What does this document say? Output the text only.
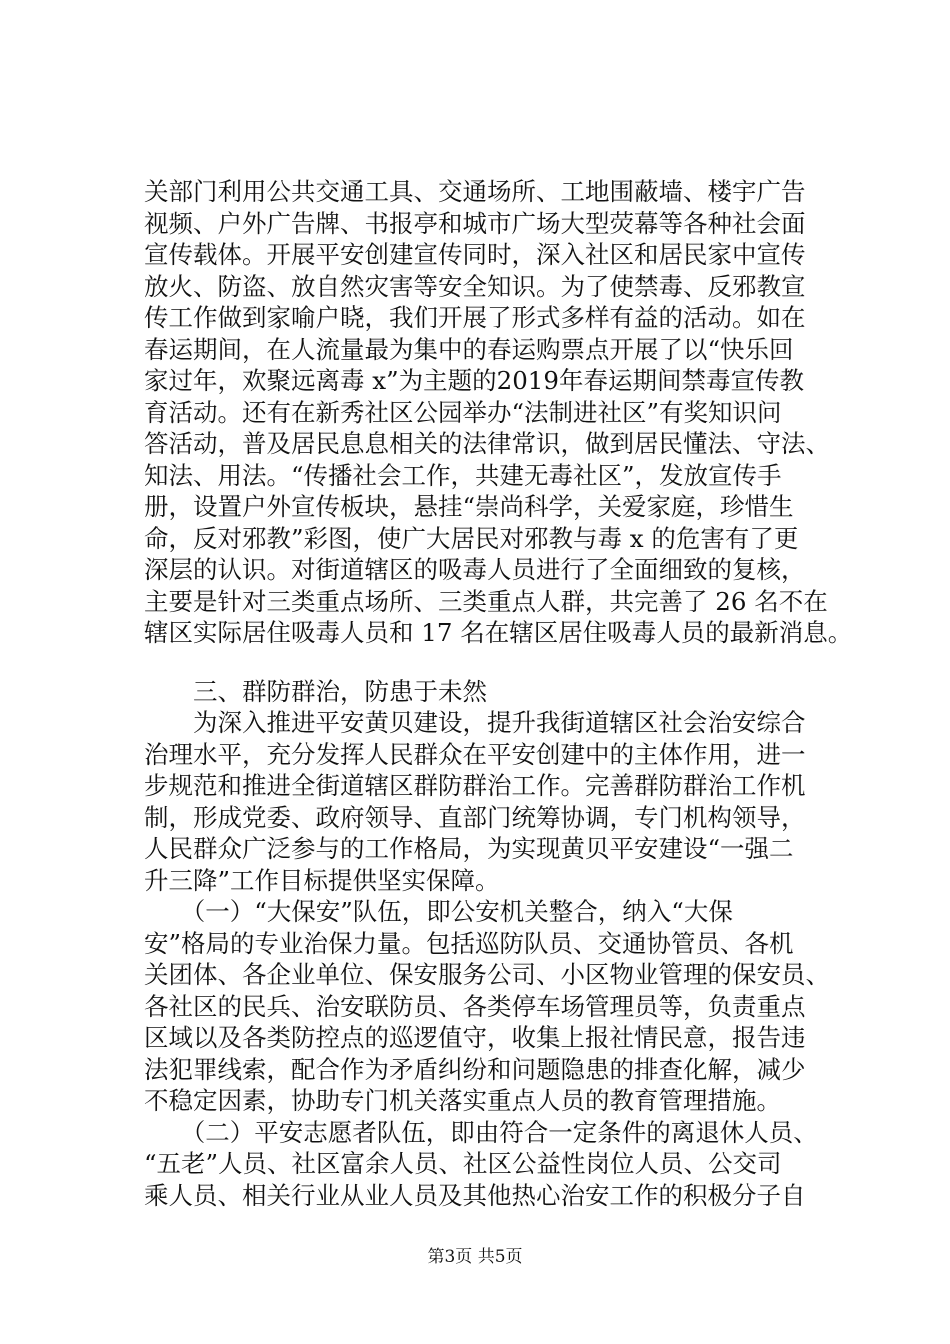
关部门利用公共交通工具、交通场所、工地围蔽墙、楼宇广告
视频、户外广告牌、书报亭和城市广场大型荧幕等各种社会面
宣传载体。开展平安创建宣传同时，深入社区和居民家中宣传
放火、防盗、放自然灾害等安全知识。为了使禁毒、反邪教宣
传工作做到家喻户晓，我们开展了形式多样有益的活动。如在
春运期间，在人流量最为集中的春运购票点开展了以“快乐回
家过年，欢聚远离毒 x”为主题的2019年春运期间禁毒宣传教
育活动。还有在新秀社区公园举办“法制进社区”有奖知识问
答活动，普及居民息息相关的法律常识，做到居民懂法、守法、
知法、用法。“传播社会工作，共建无毒社区”，发放宣传手
册，设置户外宣传板块，悬挂“崇尚科学，关爱家庭，珍惜生
命，反对邪教”彩图，使广大居民对邪教与毒 x 的危害有了更
深层的认识。对街道辖区的吸毒人员进行了全面细致的复核，
主要是针对三类重点场所、三类重点人群，共完善了 26 名不在
辖区实际居住吸毒人员和 17 名在辖区居住吸毒人员的最新消息。
　　三、群防群治，防患于未然
　　为深入推进平安黄贝建设，提升我街道辖区社会治安综合
治理水平，充分发挥人民群众在平安创建中的主体作用，进一
步规范和推进全街道辖区群防群治工作。完善群防群治工作机
制，形成党委、政府领导、直部门统筹协调，专门机构领导，
人民群众广泛参与的工作格局，为实现黄贝平安建设“一强二
升三降”工作目标提供坚实保障。
　　（一）“大保安”队伍，即公安机关整合，纳入“大保
安”格局的专业治保力量。包括巡防队员、交通协管员、各机
关团体、各企业单位、保安服务公司、小区物业管理的保安员、
各社区的民兵、治安联防员、各类停车场管理员等，负责重点
区域以及各类防控点的巡逻值守，收集上报社情民意，报告违
法犯罪线索，配合作为矛盾纠纷和问题隐患的排查化解，减少
不稳定因素，协助专门机关落实重点人员的教育管理措施。
　　（二）平安志愿者队伍，即由符合一定条件的离退休人员、
“五老”人员、社区富余人员、社区公益性岗位人员、公交司
乘人员、相关行业从业人员及其他热心治安工作的积极分子自
第3页 共5页
